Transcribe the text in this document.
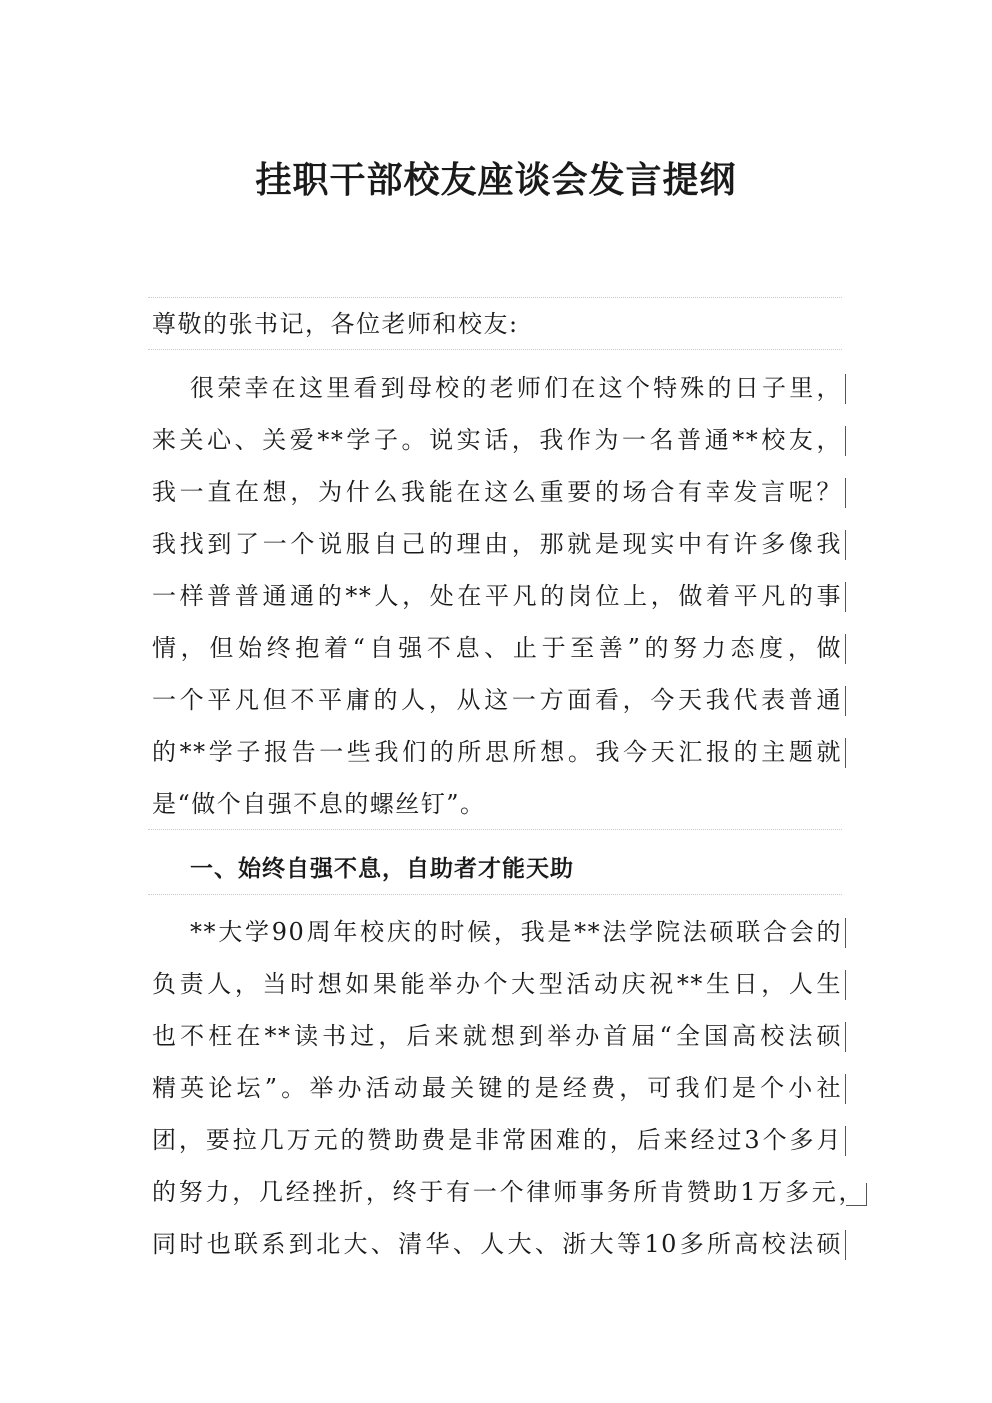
挂职干部校友座谈会发言提纲
尊敬的张书记，各位老师和校友:
很荣幸在这里看到母校的老师们在这个特殊的日子里，
来关心、关爱**学子。说实话，我作为一名普通**校友，
我一直在想，为什么我能在这么重要的场合有幸发言呢？
我找到了一个说服自己的理由，那就是现实中有许多像我
一样普普通通的**人，处在平凡的岗位上，做着平凡的事
情，但始终抱着“自强不息、止于至善”的努力态度，做
一个平凡但不平庸的人，从这一方面看，今天我代表普通
的**学子报告一些我们的所思所想。我今天汇报的主题就
是“做个自强不息的螺丝钉”。
一、始终自强不息，自助者才能天助
**大学90周年校庆的时候，我是**法学院法硕联合会的
负责人，当时想如果能举办个大型活动庆祝**生日，人生
也不枉在**读书过，后来就想到举办首届“全国高校法硕
精英论坛”。举办活动最关键的是经费，可我们是个小社
团，要拉几万元的赞助费是非常困难的，后来经过3个多月
的努力，几经挫折，终于有一个律师事务所肯赞助1万多元，
同时也联系到北大、清华、人大、浙大等10多所高校法硕
